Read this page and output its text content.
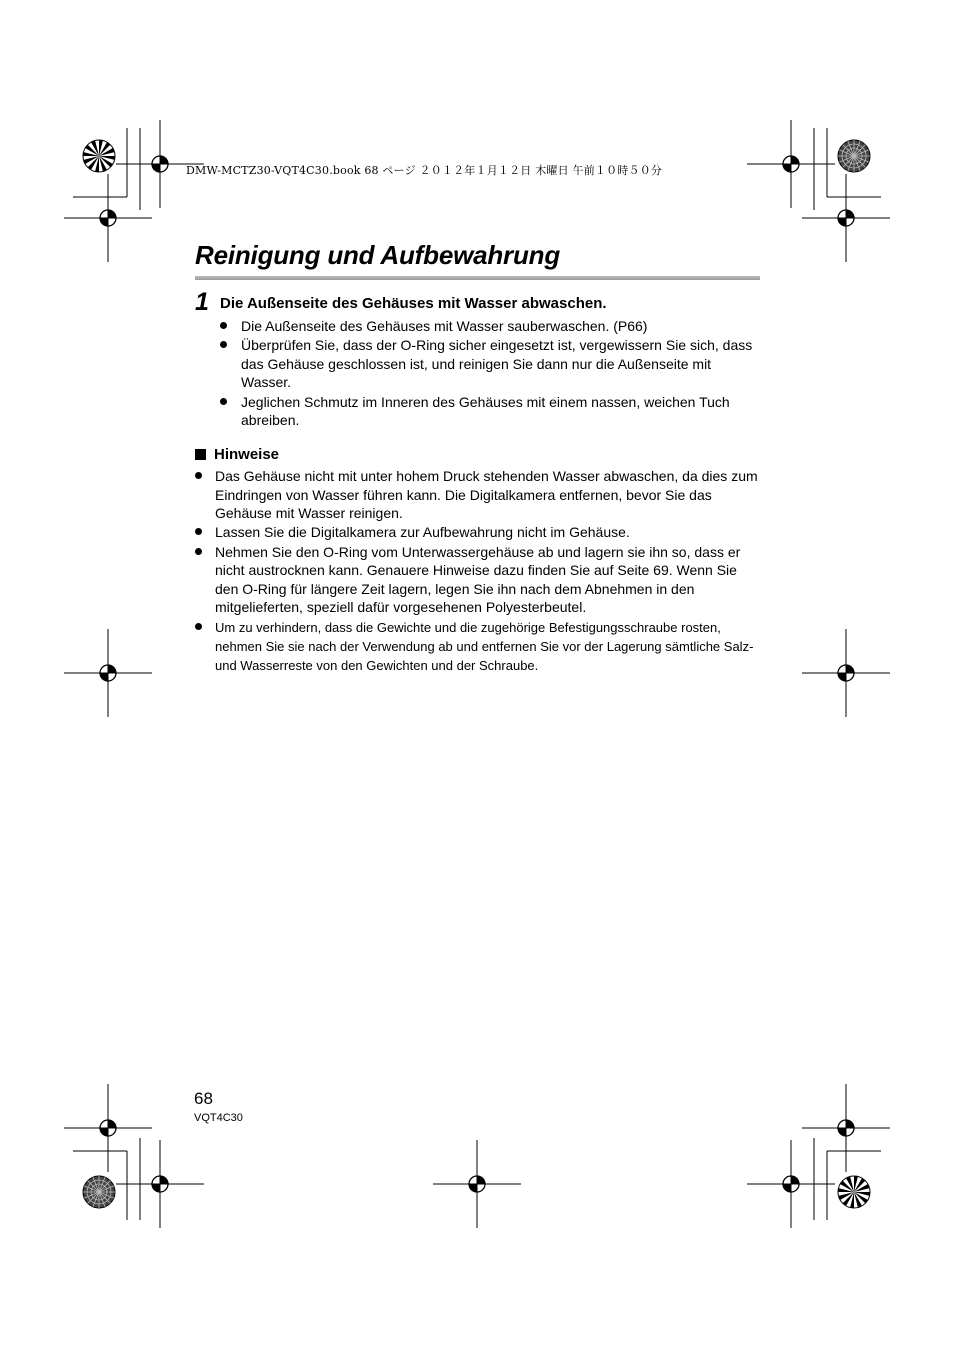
DMW-MCTZ30-VQT4C30.book 68 ページ ２０１２年１月１２日 木曜日 午前１０時５０分
Reinigung und Aufbewahrung
1 Die Außenseite des Gehäuses mit Wasser abwaschen.
Die Außenseite des Gehäuses mit Wasser sauberwaschen. (P66)
Überprüfen Sie, dass der O-Ring sicher eingesetzt ist, vergewissern Sie sich, dass das Gehäuse geschlossen ist, und reinigen Sie dann nur die Außenseite mit Wasser.
Jeglichen Schmutz im Inneren des Gehäuses mit einem nassen, weichen Tuch abreiben.
Hinweise
Das Gehäuse nicht mit unter hohem Druck stehenden Wasser abwaschen, da dies zum Eindringen von Wasser führen kann. Die Digitalkamera entfernen, bevor Sie das Gehäuse mit Wasser reinigen.
Lassen Sie die Digitalkamera zur Aufbewahrung nicht im Gehäuse.
Nehmen Sie den O-Ring vom Unterwassergehäuse ab und lagern sie ihn so, dass er nicht austrocknen kann. Genauere Hinweise dazu finden Sie auf Seite 69. Wenn Sie den O-Ring für längere Zeit lagern, legen Sie ihn nach dem Abnehmen in den mitgelieferten, speziell dafür vorgesehenen Polyesterbeutel.
Um zu verhindern, dass die Gewichte und die zugehörige Befestigungsschraube rosten, nehmen Sie sie nach der Verwendung ab und entfernen Sie vor der Lagerung sämtliche Salz- und Wasserreste von den Gewichten und der Schraube.
68
VQT4C30
